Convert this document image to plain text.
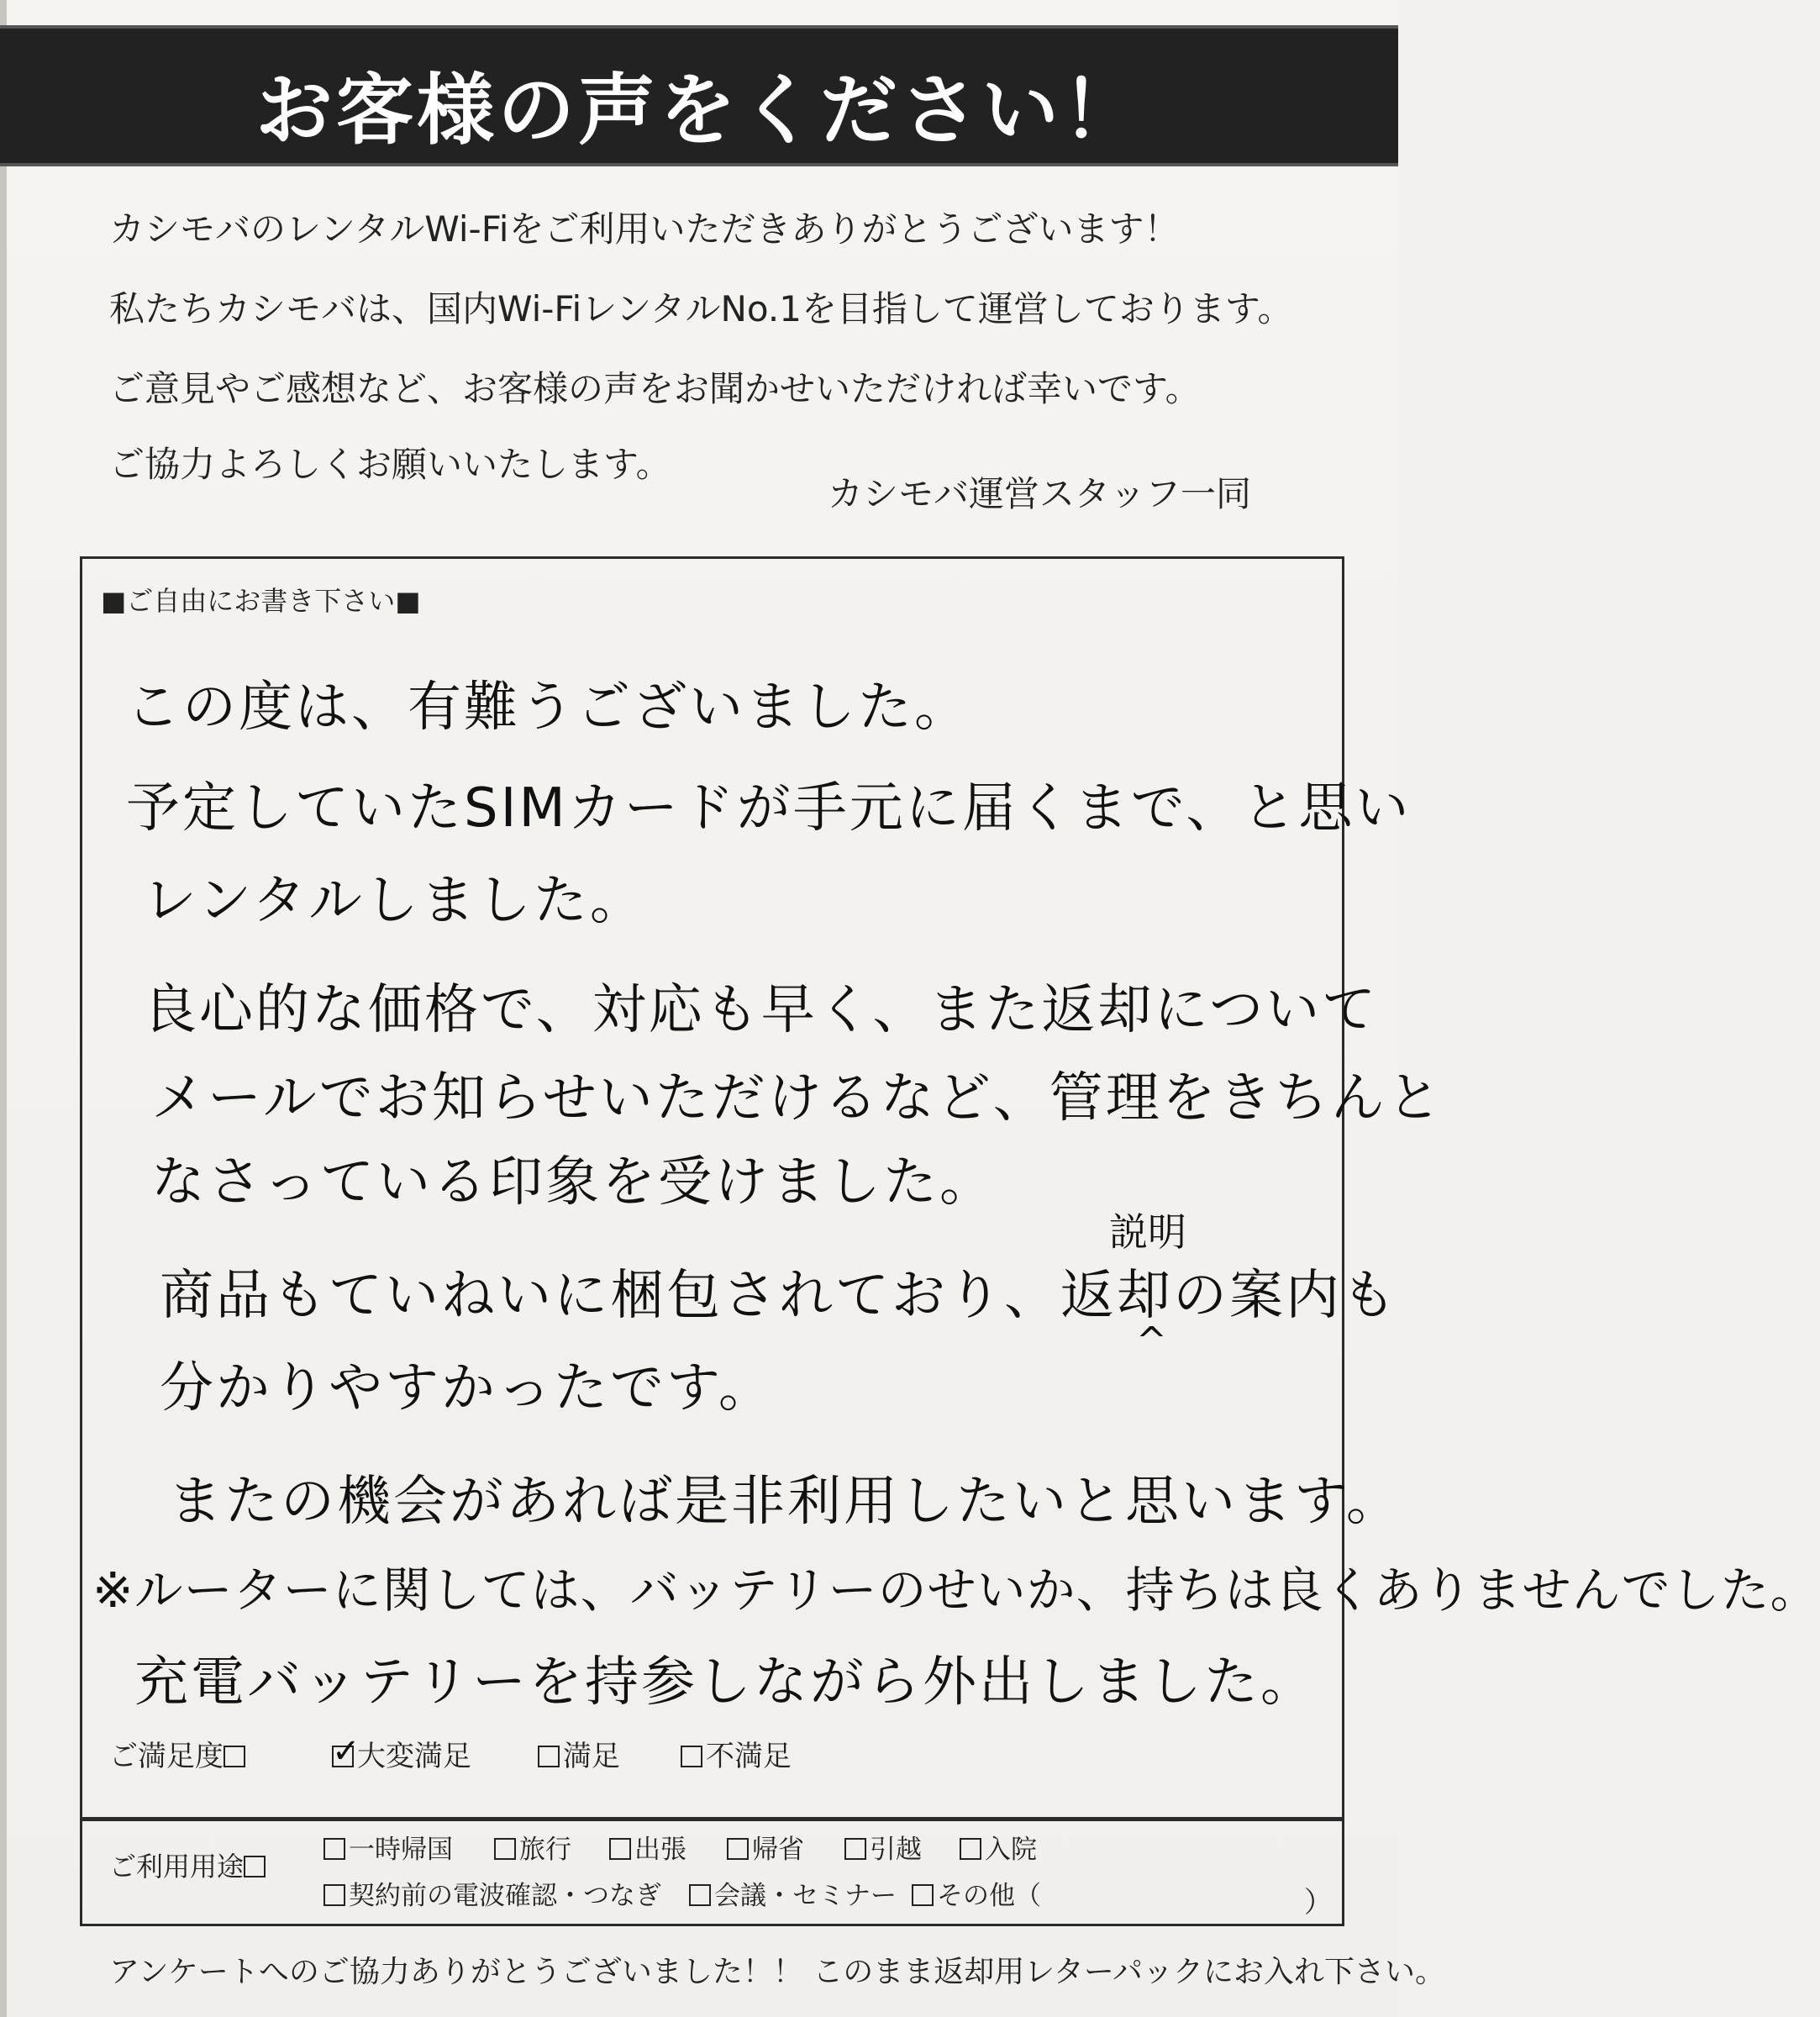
お客様の声をください！
カシモバのレンタルWi-Fiをご利用いただきありがとうございます！
私たちカシモバは、国内Wi-FiレンタルNo.1を目指して運営しております。
ご意見やご感想など、お客様の声をお聞かせいただければ幸いです。
ご協力よろしくお願いいたします。
カシモバ運営スタッフ一同
■ご自由にお書き下さい■
この度は、有難うございました。
予定していたSIMカードが手元に届くまで、と思い
レンタルしました。
良心的な価格で、対応も早く、また返却について
メールでお知らせいただけるなど、管理をきちんと
なさっている印象を受けました。
商品もていねいに梱包されており、返却の案内も
説明
^
分かりやすかったです。
またの機会があれば是非利用したいと思います。
※ルーターに関しては、バッテリーのせいか、持ちは良くありませんでした。
充電バッテリーを持参しながら外出しました。
ご満足度
✓	大変満足	満足	不満足
ご利用用途
一時帰国	旅行	出張	帰省	引越	入院
契約前の電波確認・つなぎ	会議・セミナー	その他（	）
アンケートへのご協力ありがとうございました！！ このまま返却用レターパックにお入れ下さい。
